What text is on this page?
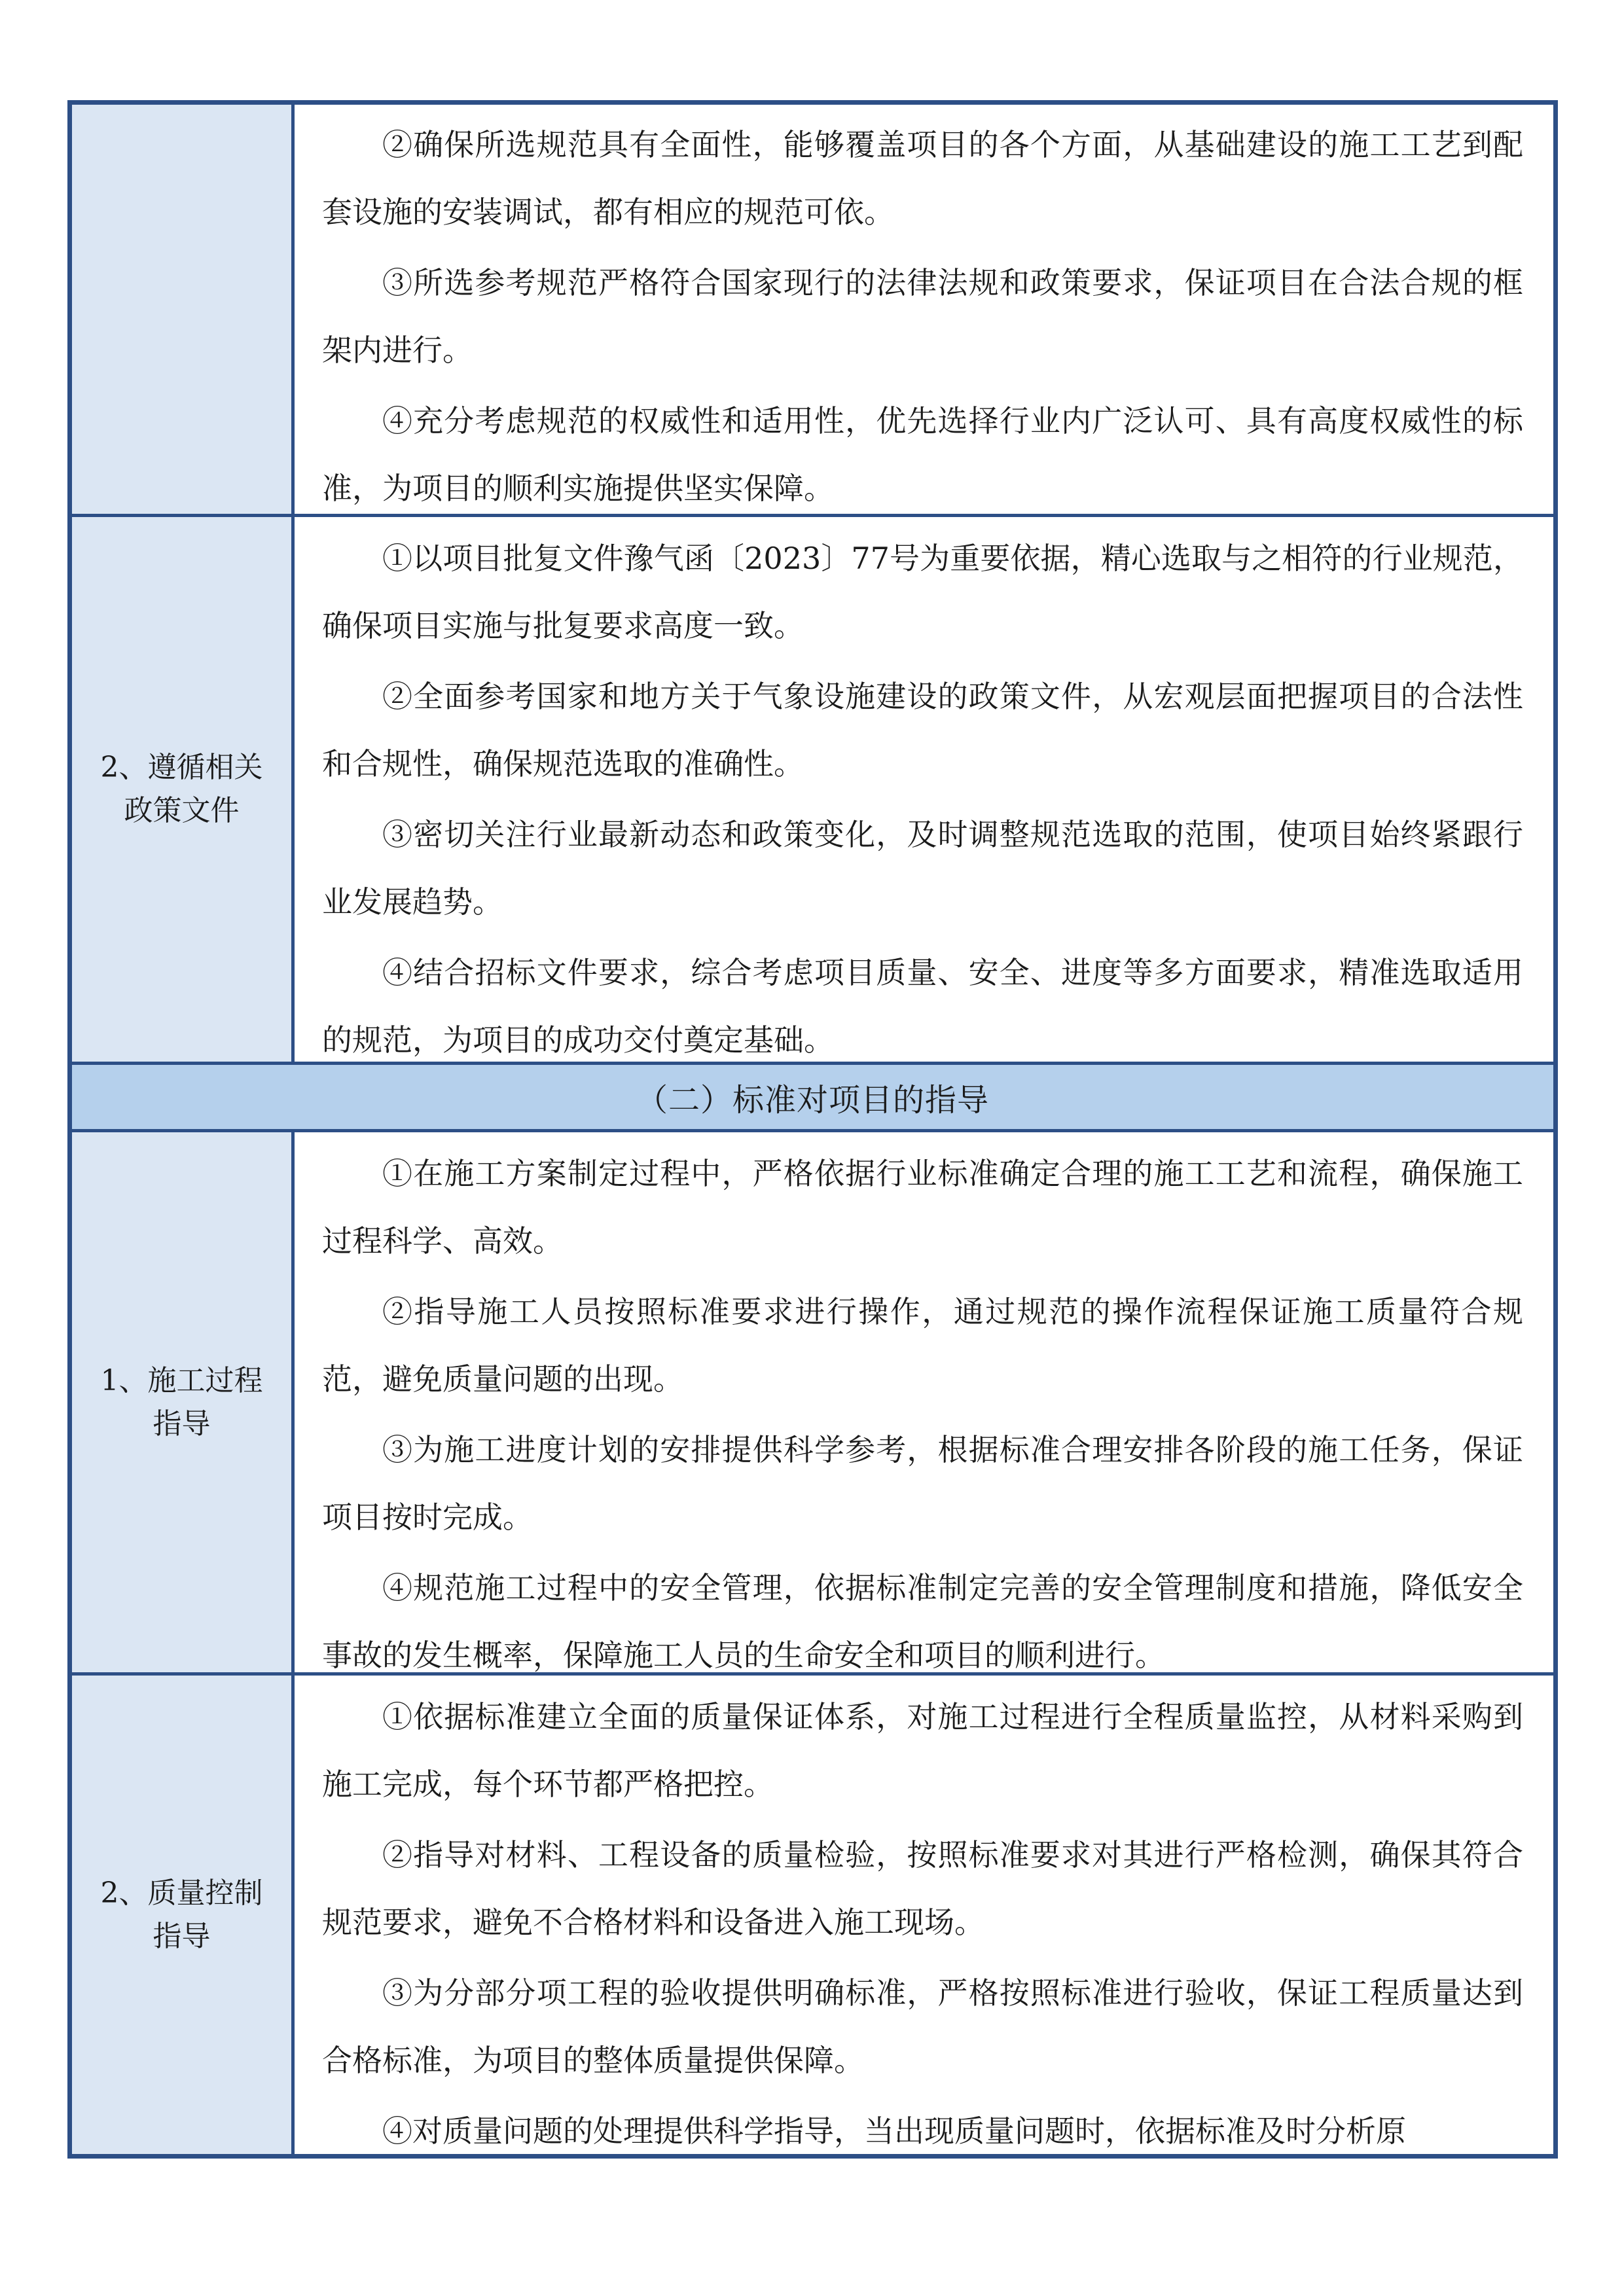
②确保所选规范具有全面性，能够覆盖项目的各个方面，从基础建设的施工工艺到配套设施的安装调试，都有相应的规范可依。

③所选参考规范严格符合国家现行的法律法规和政策要求，保证项目在合法合规的框架内进行。

④充分考虑规范的权威性和适用性，优先选择行业内广泛认可、具有高度权威性的标准，为项目的顺利实施提供坚实保障。

2、遵循相关政策文件

①以项目批复文件豫气函〔2023〕77号为重要依据，精心选取与之相符的行业规范，确保项目实施与批复要求高度一致。

②全面参考国家和地方关于气象设施建设的政策文件，从宏观层面把握项目的合法性和合规性，确保规范选取的准确性。

③密切关注行业最新动态和政策变化，及时调整规范选取的范围，使项目始终紧跟行业发展趋势。

④结合招标文件要求，综合考虑项目质量、安全、进度等多方面要求，精准选取适用的规范，为项目的成功交付奠定基础。

（二）标准对项目的指导
1、施工过程指导

①在施工方案制定过程中，严格依据行业标准确定合理的施工工艺和流程，确保施工过程科学、高效。

②指导施工人员按照标准要求进行操作，通过规范的操作流程保证施工质量符合规范，避免质量问题的出现。

③为施工进度计划的安排提供科学参考，根据标准合理安排各阶段的施工任务，保证项目按时完成。

④规范施工过程中的安全管理，依据标准制定完善的安全管理制度和措施，降低安全事故的发生概率，保障施工人员的生命安全和项目的顺利进行。

2、质量控制指导

①依据标准建立全面的质量保证体系，对施工过程进行全程质量监控，从材料采购到施工完成，每个环节都严格把控。

②指导对材料、工程设备的质量检验，按照标准要求对其进行严格检测，确保其符合规范要求，避免不合格材料和设备进入施工现场。

③为分部分项工程的验收提供明确标准，严格按照标准进行验收，保证工程质量达到合格标准，为项目的整体质量提供保障。

④对质量问题的处理提供科学指导，当出现质量问题时，依据标准及时分析原
